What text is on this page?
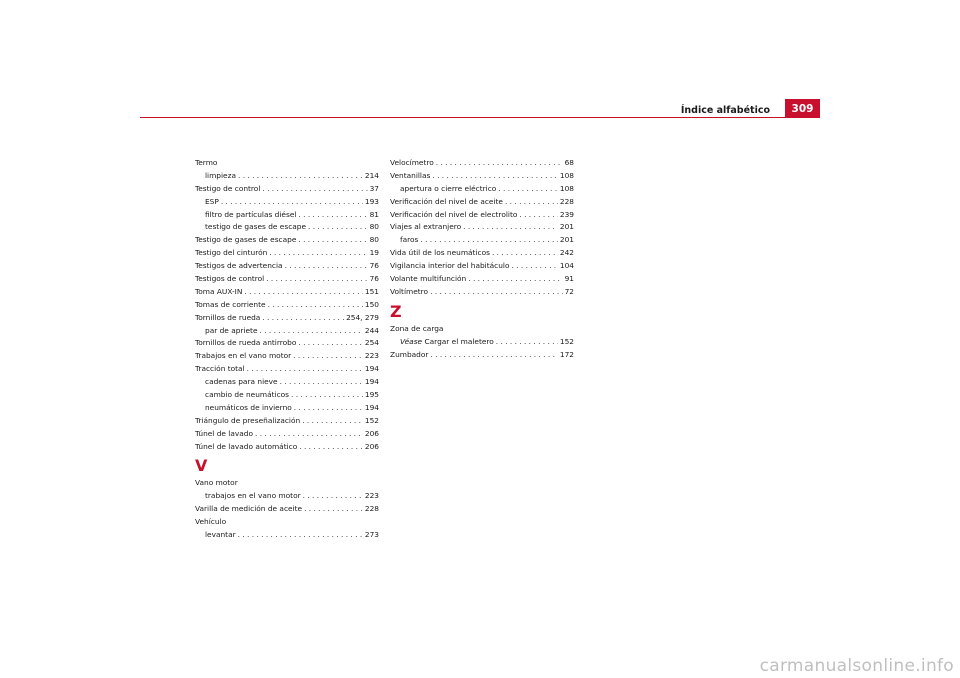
Índice alfabético	309
Termo
limpieza . . .	214
Testigo de control . . .	37
ESP . . .	193
filtro de partículas diésel . . .	81
testigo de gases de escape . . .	80
Testigo de gases de escape . . .	80
Testigo del cinturón . . .	19
Testigos de advertencia . . .	76
Testigos de control . . .	76
Toma AUX-IN . . .	151
Tomas de corriente . . .	150
Tornillos de rueda . . .	254, 279
par de apriete . . .	244
Tornillos de rueda antirrobo . . .	254
Trabajos en el vano motor . . .	223
Tracción total . . .	194
cadenas para nieve . . .	194
cambio de neumáticos . . .	195
neumáticos de invierno . . .	194
Triángulo de preseñalización . . .	152
Túnel de lavado . . .	206
Túnel de lavado automático . . .	206
V
Vano motor
trabajos en el vano motor . . .	223
Varilla de medición de aceite . . .	228
Vehículo
levantar . . .	273
Velocímetro . . .	68
Ventanillas . . .	108
apertura o cierre eléctrico . . .	108
Verificación del nivel de aceite . . .	228
Verificación del nivel de electrolito . . .	239
Viajes al extranjero . . .	201
faros . . .	201
Vida útil de los neumáticos . . .	242
Vigilancia interior del habitáculo . . .	104
Volante multifunción . . .	91
Voltímetro . . .	72
Z
Zona de carga
Véase Cargar el maletero . . .	152
Zumbador . . .	172
carmanualsonline.info
